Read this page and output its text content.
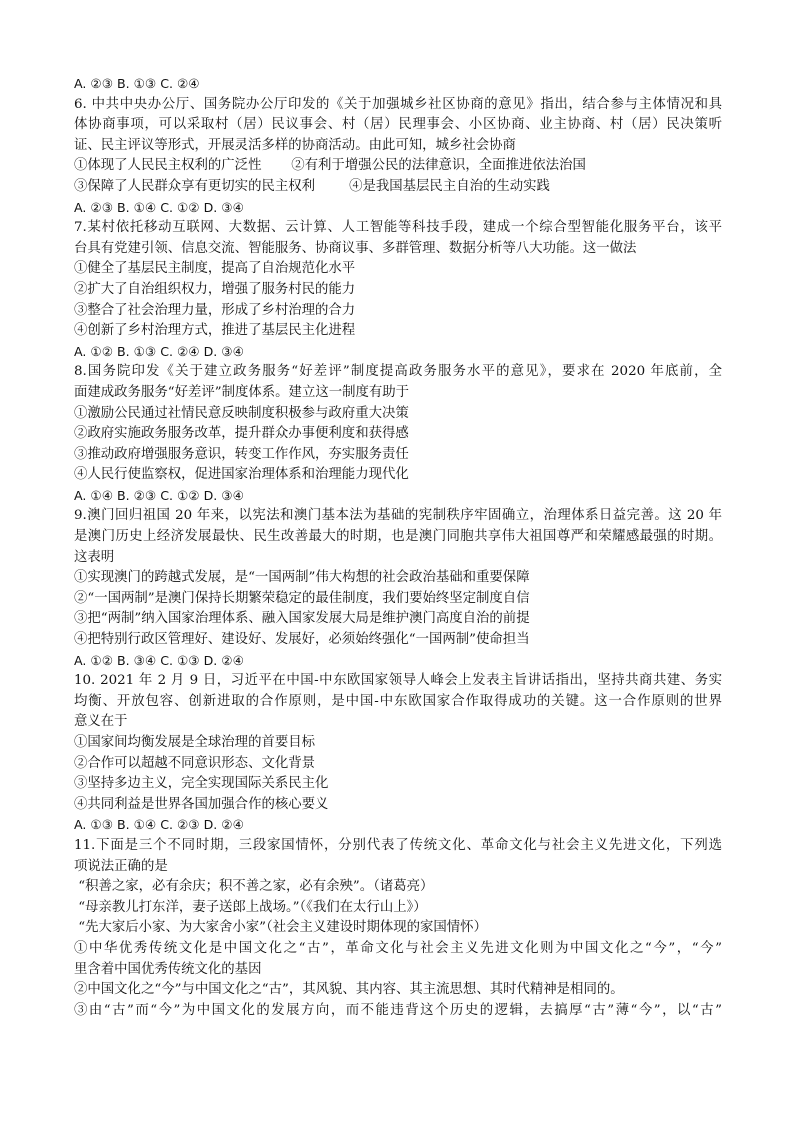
A. ②③ B. ①③ C. ②④
6. 中共中央办公厅、国务院办公厅印发的《关于加强城乡社区协商的意见》指出，结合参与主体情况和具
体协商事项，可以采取村（居）民议事会、村（居）民理事会、小区协商、业主协商、村（居）民决策听
证、民主评议等形式，开展灵活多样的协商活动。由此可知，城乡社会协商
①体现了人民民主权利的广泛性       ②有利于增强公民的法律意识，全面推进依法治国
③保障了人民群众享有更切实的民主权利        ④是我国基层民主自治的生动实践
A. ②③ B. ①④ C. ①② D. ③④
7.某村依托移动互联网、大数据、云计算、人工智能等科技手段，建成一个综合型智能化服务平台，该平
台具有党建引领、信息交流、智能服务、协商议事、多群管理、数据分析等八大功能。这一做法
①健全了基层民主制度，提高了自治规范化水平
②扩大了自治组织权力，增强了服务村民的能力
③整合了社会治理力量，形成了乡村治理的合力
④创新了乡村治理方式，推进了基层民主化进程
A. ①② B. ①③ C. ②④ D. ③④
8.国务院印发《关于建立政务服务“好差评”制度提高政务服务水平的意见》，要求在 2020 年底前，全
面建成政务服务“好差评”制度体系。建立这一制度有助于
①激励公民通过社情民意反映制度积极参与政府重大决策
②政府实施政务服务改革，提升群众办事便利度和获得感
③推动政府增强服务意识，转变工作作风，夯实服务责任
④人民行使监察权，促进国家治理体系和治理能力现代化
A. ①④ B. ②③ C. ①② D. ③④
9.澳门回归祖国 20 年来，以宪法和澳门基本法为基础的宪制秩序牢固确立，治理体系日益完善。这 20 年
是澳门历史上经济发展最快、民生改善最大的时期，也是澳门同胞共享伟大祖国尊严和荣耀感最强的时期。
这表明
①实现澳门的跨越式发展，是“一国两制”伟大构想的社会政治基础和重要保障
②“一国两制”是澳门保持长期繁荣稳定的最佳制度，我们要始终坚定制度自信
③把“两制”纳入国家治理体系、融入国家发展大局是维护澳门高度自治的前提
④把特别行政区管理好、建设好、发展好，必须始终强化“一国两制”使命担当
A. ①② B. ③④ C. ①③ D. ②④
10. 2021 年 2 月 9 日，习近平在中国-中东欧国家领导人峰会上发表主旨讲话指出，坚持共商共建、务实
均衡、开放包容、创新进取的合作原则，是中国-中东欧国家合作取得成功的关键。这一合作原则的世界
意义在于
①国家间均衡发展是全球治理的首要目标
②合作可以超越不同意识形态、文化背景
③坚持多边主义，完全实现国际关系民主化
④共同利益是世界各国加强合作的核心要义
A. ①③ B. ①④ C. ②③ D. ②④
11.下面是三个不同时期，三段家国情怀，分别代表了传统文化、革命文化与社会主义先进文化，下列选
项说法正确的是
“积善之家，必有余庆；积不善之家，必有余殃”。（诸葛亮）
“母亲教儿打东洋，妻子送郎上战场。”（《我们在太行山上》）
“先大家后小家、为大家舍小家”（社会主义建设时期体现的家国情怀）
①中华优秀传统文化是中国文化之“古”，革命文化与社会主义先进文化则为中国文化之“今”，“今”
里含着中国优秀传统文化的基因
②中国文化之“今”与中国文化之“古”，其风貌、其内容、其主流思想、其时代精神是相同的。
③由“古”而“今”为中国文化的发展方向，而不能违背这个历史的逻辑，去搞厚“古”薄“今”，以“古”
